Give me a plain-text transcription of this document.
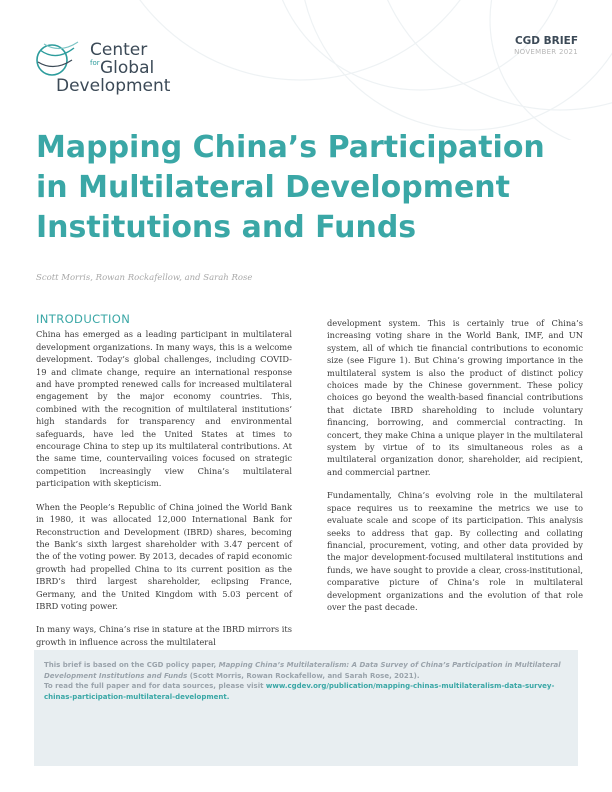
Center
for Global
Development
CGD BRIEF
NOVEMBER 2021
Mapping China’s Participation in Multilateral Development Institutions and Funds
Scott Morris, Rowan Rockafellow, and Sarah Rose
INTRODUCTION

China has emerged as a leading participant in multilateral development organizations. In many ways, this is a welcome development. Today’s global challenges, including COVID-19 and climate change, require an international response and have prompted renewed calls for increased multilateral engagement by the major economy countries. This, combined with the recognition of multilateral institutions’ high standards for transparency and environmental safeguards, have led the United States at times to encourage China to step up its multilateral contributions. At the same time, countervailing voices focused on strategic competition increasingly view China’s multilateral participation with skepticism.

When the People’s Republic of China joined the World Bank in 1980, it was allocated 12,000 International Bank for Reconstruction and Development (IBRD) shares, becoming the Bank’s sixth largest shareholder with 3.47 percent of the of the voting power. By 2013, decades of rapid economic growth had propelled China to its current position as the IBRD’s third largest shareholder, eclipsing France, Germany, and the United Kingdom with 5.03 percent of IBRD voting power.

In many ways, China’s rise in stature at the IBRD mirrors its growth in influence across the multilateral

development system. This is certainly true of China’s increasing voting share in the World Bank, IMF, and UN system, all of which tie financial contributions to economic size (see Figure 1). But China’s growing importance in the multilateral system is also the product of distinct policy choices made by the Chinese government. These policy choices go beyond the wealth-based financial contributions that dictate IBRD shareholding to include voluntary financing, borrowing, and commercial contracting. In concert, they make China a unique player in the multilateral system by virtue of to its simultaneous roles as a multilateral organization donor, shareholder, aid recipient, and commercial partner.

Fundamentally, China’s evolving role in the multilateral space requires us to reexamine the metrics we use to evaluate scale and scope of its participation. This analysis seeks to address that gap. By collecting and collating financial, procurement, voting, and other data provided by the major development-focused multilateral institutions and funds, we have sought to provide a clear, cross-institutional, comparative picture of China’s role in multilateral development organizations and the evolution of that role over the past decade.

This brief is based on the CGD policy paper, Mapping China’s Multilateralism: A Data Survey of China’s Participation in Multilateral Development Institutions and Funds (Scott Morris, Rowan Rockafellow, and Sarah Rose, 2021).
To read the full paper and for data sources, please visit www.cgdev.org/publication/mapping-chinas-multilateralism-data-survey-chinas-participation-multilateral-development.
